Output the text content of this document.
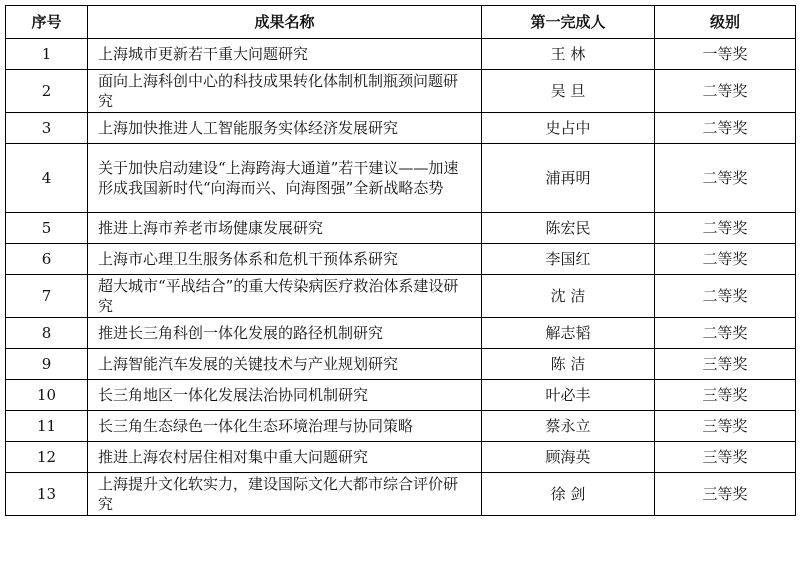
序号	成果名称	第一完成人	级别
1	上海城市更新若干重大问题研究	王 林	一等奖
2	面向上海科创中心的科技成果转化体制机制瓶颈问题研究	吴 旦	二等奖
3	上海加快推进人工智能服务实体经济发展研究	史占中	二等奖
4	关于加快启动建设“上海跨海大通道”若干建议——加速形成我国新时代“向海而兴、向海图强”全新战略态势	浦再明	二等奖
5	推进上海市养老市场健康发展研究	陈宏民	二等奖
6	上海市心理卫生服务体系和危机干预体系研究	李国红	二等奖
7	超大城市“平战结合”的重大传染病医疗救治体系建设研究	沈 洁	二等奖
8	推进长三角科创一体化发展的路径机制研究	解志韬	二等奖
9	上海智能汽车发展的关键技术与产业规划研究	陈 洁	三等奖
10	长三角地区一体化发展法治协同机制研究	叶必丰	三等奖
11	长三角生态绿色一体化生态环境治理与协同策略	蔡永立	三等奖
12	推进上海农村居住相对集中重大问题研究	顾海英	三等奖
13	上海提升文化软实力，建设国际文化大都市综合评价研究	徐 剑	三等奖
